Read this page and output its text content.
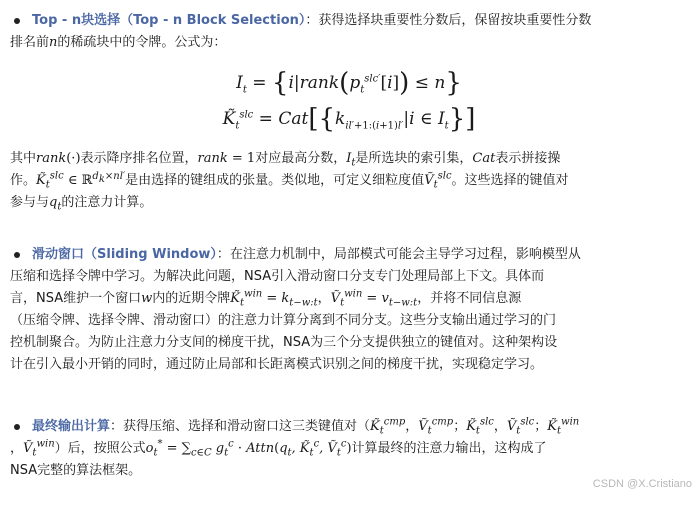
Top - n块选择（Top - n Block Selection）：获得选择块重要性分数后，保留按块重要性分数

排名前n的稀疏块中的令牌。公式为：

$I_t$ = $\{i|rank(p_t^{slc'}[i]) \le n\}$
$K̃_t^{slc} = Cat[\{k_{il'+1:(i+1)l'}|i$ ∈ $I_t$}]

其中rank(·)表示降序排名位置，rank = 1对应最高分数，$I_t$是所选块的索引集，Cat表示拼接操

作。$K̃_t^{slc}$ ∈ ℝ$^{d_k\times nl'}$是由选择的键组成的张量。类似地，可定义细粒度值Ṽ$_t^{slc}$。这些选择的键值对

参与与$q_t$的注意力计算。

滑动窗口（Sliding Window）：在注意力机制中，局部模式可能会主导学习过程，影响模型从

压缩和选择令牌中学习。为解决此问题，NSA引入滑动窗口分支专门处理局部上下文。具体而

言，NSA维护一个窗口w内的近期令牌$K̃_t^{win} = k_{t-w:t}$，Ṽ$_t^{win}$ = $v_{t-w:t}$，并将不同信息源

（压缩令牌、选择令牌、滑动窗口）的注意力计算分离到不同分支。这些分支输出通过学习的门

控机制聚合。为防止注意力分支间的梯度干扰，NSA为三个分支提供独立的键值对。这种架构设

计在引入最小开销的同时，通过防止局部和长距离模式识别之间的梯度干扰，实现稳定学习。

最终输出计算：获得压缩、选择和滑动窗口这三类键值对（$K̃_t^{cmp}$，Ṽ$_t^{cmp}$；$K̃_t^{slc}$，Ṽ$_t^{slc}$；$K̃_t^{win}$

，Ṽ$_t^{win}$）后，按照公式$o_t^* = \sum_{c\in C}$ $g_t^c$ · $Attn(q_t$, $K̃_t^c$, Ṽ$_t^c$)计算最终的注意力输出，这构成了

NSA完整的算法框架。

CSDN @X.Cristiano
